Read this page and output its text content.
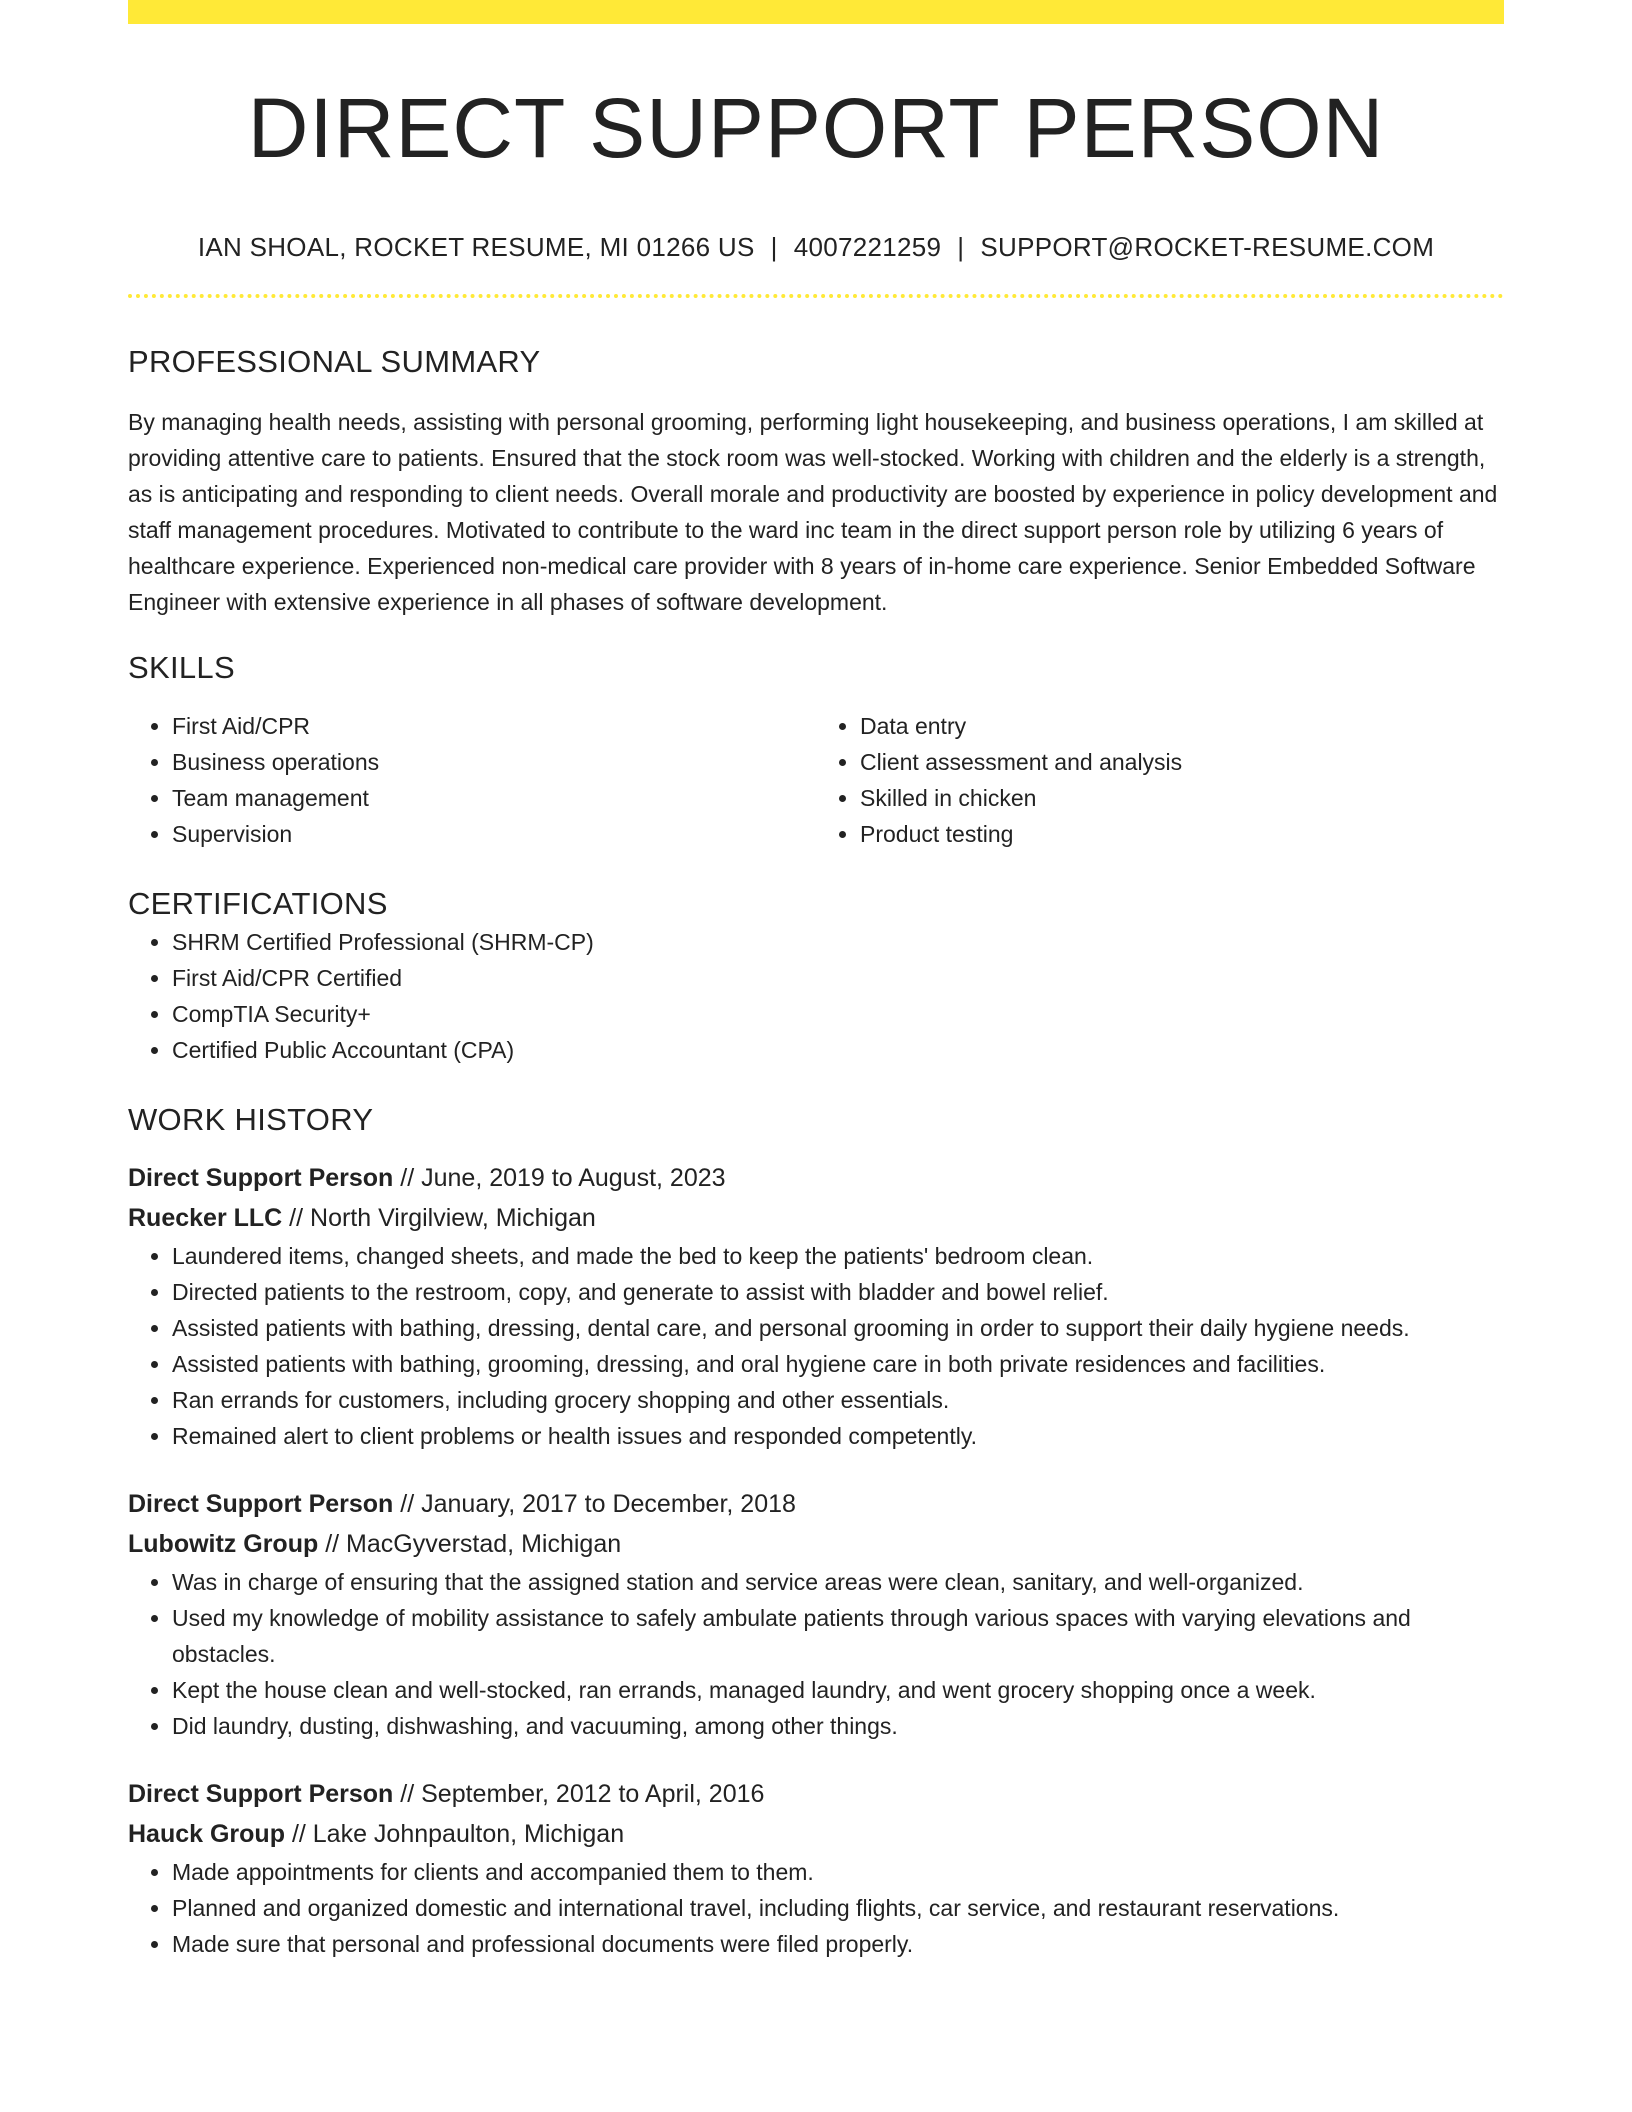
DIRECT SUPPORT PERSON
IAN SHOAL, ROCKET RESUME, MI 01266 US | 4007221259 | SUPPORT@ROCKET-RESUME.COM
PROFESSIONAL SUMMARY

By managing health needs, assisting with personal grooming, performing light housekeeping, and business operations, I am skilled at providing attentive care to patients. Ensured that the stock room was well-stocked. Working with children and the elderly is a strength, as is anticipating and responding to client needs. Overall morale and productivity are boosted by experience in policy development and staff management procedures. Motivated to contribute to the ward inc team in the direct support person role by utilizing 6 years of healthcare experience. Experienced non-medical care provider with 8 years of in-home care experience. Senior Embedded Software Engineer with extensive experience in all phases of software development.

SKILLS
• First Aid/CPR
• Business operations
• Team management
• Supervision
• Data entry
• Client assessment and analysis
• Skilled in chicken
• Product testing
CERTIFICATIONS
• SHRM Certified Professional (SHRM-CP)
• First Aid/CPR Certified
• CompTIA Security+
• Certified Public Accountant (CPA)
WORK HISTORY
Direct Support Person // June, 2019 to August, 2023
Ruecker LLC // North Virgilview, Michigan
• Laundered items, changed sheets, and made the bed to keep the patients' bedroom clean.
• Directed patients to the restroom, copy, and generate to assist with bladder and bowel relief.
• Assisted patients with bathing, dressing, dental care, and personal grooming in order to support their daily hygiene needs.
• Assisted patients with bathing, grooming, dressing, and oral hygiene care in both private residences and facilities.
• Ran errands for customers, including grocery shopping and other essentials.
• Remained alert to client problems or health issues and responded competently.
Direct Support Person // January, 2017 to December, 2018
Lubowitz Group // MacGyverstad, Michigan
• Was in charge of ensuring that the assigned station and service areas were clean, sanitary, and well-organized.
• Used my knowledge of mobility assistance to safely ambulate patients through various spaces with varying elevations and obstacles.
• Kept the house clean and well-stocked, ran errands, managed laundry, and went grocery shopping once a week.
• Did laundry, dusting, dishwashing, and vacuuming, among other things.
Direct Support Person // September, 2012 to April, 2016
Hauck Group // Lake Johnpaulton, Michigan
• Made appointments for clients and accompanied them to them.
• Planned and organized domestic and international travel, including flights, car service, and restaurant reservations.
• Made sure that personal and professional documents were filed properly.
